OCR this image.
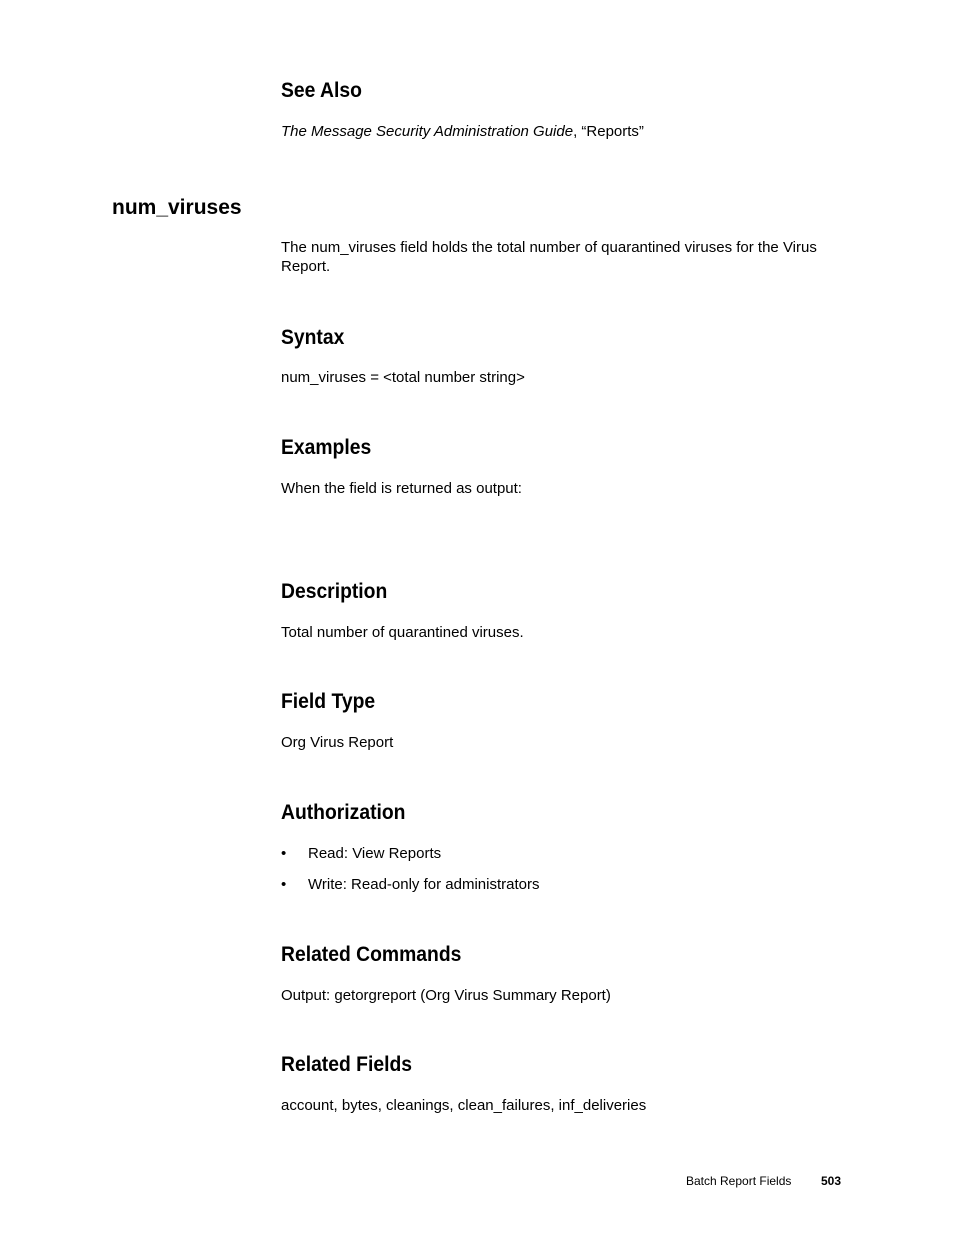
See Also
The Message Security Administration Guide, “Reports”
num_viruses
The num_viruses field holds the total number of quarantined viruses for the Virus Report.
Syntax
num_viruses = <total number string>
Examples
When the field is returned as output:
Description
Total number of quarantined viruses.
Field Type
Org Virus Report
Authorization
• Read: View Reports
• Write: Read-only for administrators
Related Commands
Output: getorgreport (Org Virus Summary Report)
Related Fields
account, bytes, cleanings, clean_failures, inf_deliveries
Batch Report Fields 503
